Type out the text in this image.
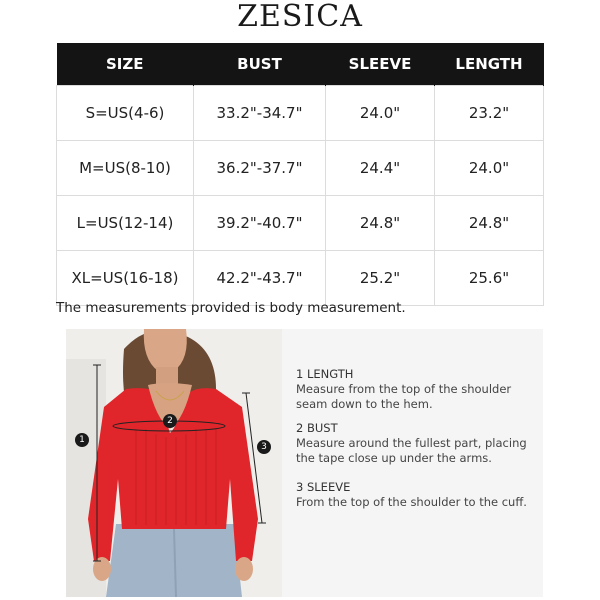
ZESICA
SIZE	BUST	SLEEVE	LENGTH
S=US(4-6)	33.2"-34.7"	24.0"	23.2"
M=US(8-10)	36.2"-37.7"	24.4"	24.0"
L=US(12-14)	39.2"-40.7"	24.8"	24.8"
XL=US(16-18)	42.2"-43.7"	25.2"	25.6"
The measurements provided is body measurement.
1
2
3
1 LENGTH
Measure from the top of the shoulder
seam down to the hem.
2 BUST
Measure around the fullest part, placing
the tape close up under the arms.
3 SLEEVE
From the top of the shoulder to the cuff.
